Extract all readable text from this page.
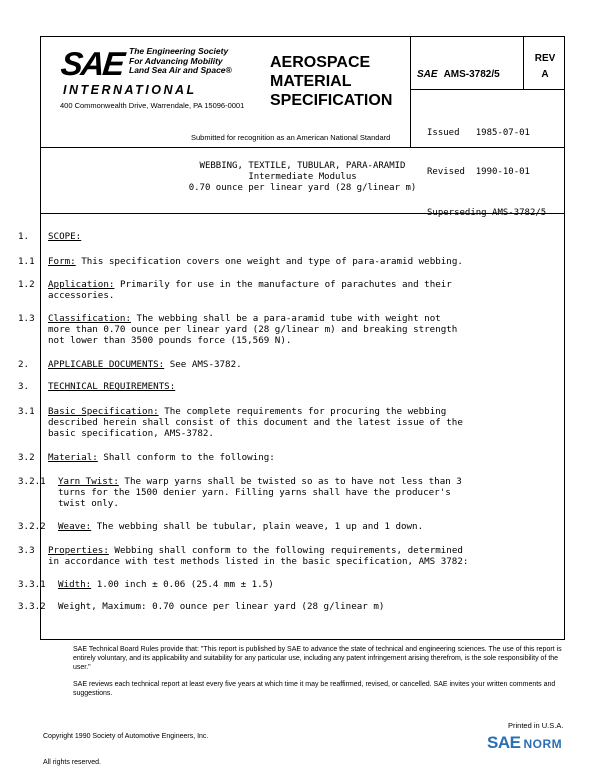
SAE The Engineering Society
For Advancing Mobility
Land Sea Air and Space®
INTERNATIONAL
400 Commonwealth Drive, Warrendale, PA 15096-0001
AEROSPACE
MATERIAL
SPECIFICATION
Submitted for recognition as an American National Standard
SAE AMS-3782/5
REV
A

Issued   1985-07-01

Revised  1990-10-01

Superseding AMS-3782/5

WEBBING, TEXTILE, TUBULAR, PARA-ARAMID
Intermediate Modulus
0.70 ounce per linear yard (28 g/linear m)
1. SCOPE:
1.1 Form: This specification covers one weight and type of para-aramid webbing.
1.2 Application: Primarily for use in the manufacture of parachutes and their
accessories.
1.3 Classification: The webbing shall be a para-aramid tube with weight not
more than 0.70 ounce per linear yard (28 g/linear m) and breaking strength
not lower than 3500 pounds force (15,569 N).
2. APPLICABLE DOCUMENTS: See AMS-3782.
3. TECHNICAL REQUIREMENTS:
3.1 Basic Specification: The complete requirements for procuring the webbing
described herein shall consist of this document and the latest issue of the
basic specification, AMS-3782.
3.2 Material: Shall conform to the following:
3.2.1 Yarn Twist: The warp yarns shall be twisted so as to have not less than 3
turns for the 1500 denier yarn. Filling yarns shall have the producer's
twist only.
3.2.2 Weave: The webbing shall be tubular, plain weave, 1 up and 1 down.
3.3 Properties: Webbing shall conform to the following requirements, determined
in accordance with test methods listed in the basic specification, AMS 3782:
3.3.1 Width: 1.00 inch ± 0.06 (25.4 mm ± 1.5)
3.3.2 Weight, Maximum: 0.70 ounce per linear yard (28 g/linear m)

SAE Technical Board Rules provide that: "This report is published by SAE to advance the state of technical and engineering sciences. The use of this report is entirely voluntary, and its applicability and suitability for any particular use, including any patent infringement arising therefrom, is the sole responsibility of the user."

SAE reviews each technical report at least every five years at which time it may be reaffirmed, revised, or cancelled. SAE invites your written comments and suggestions.

Copyright 1990 Society of Automotive Engineers, Inc.

All rights reserved.

Printed in U.S.A.
SAE NORM
